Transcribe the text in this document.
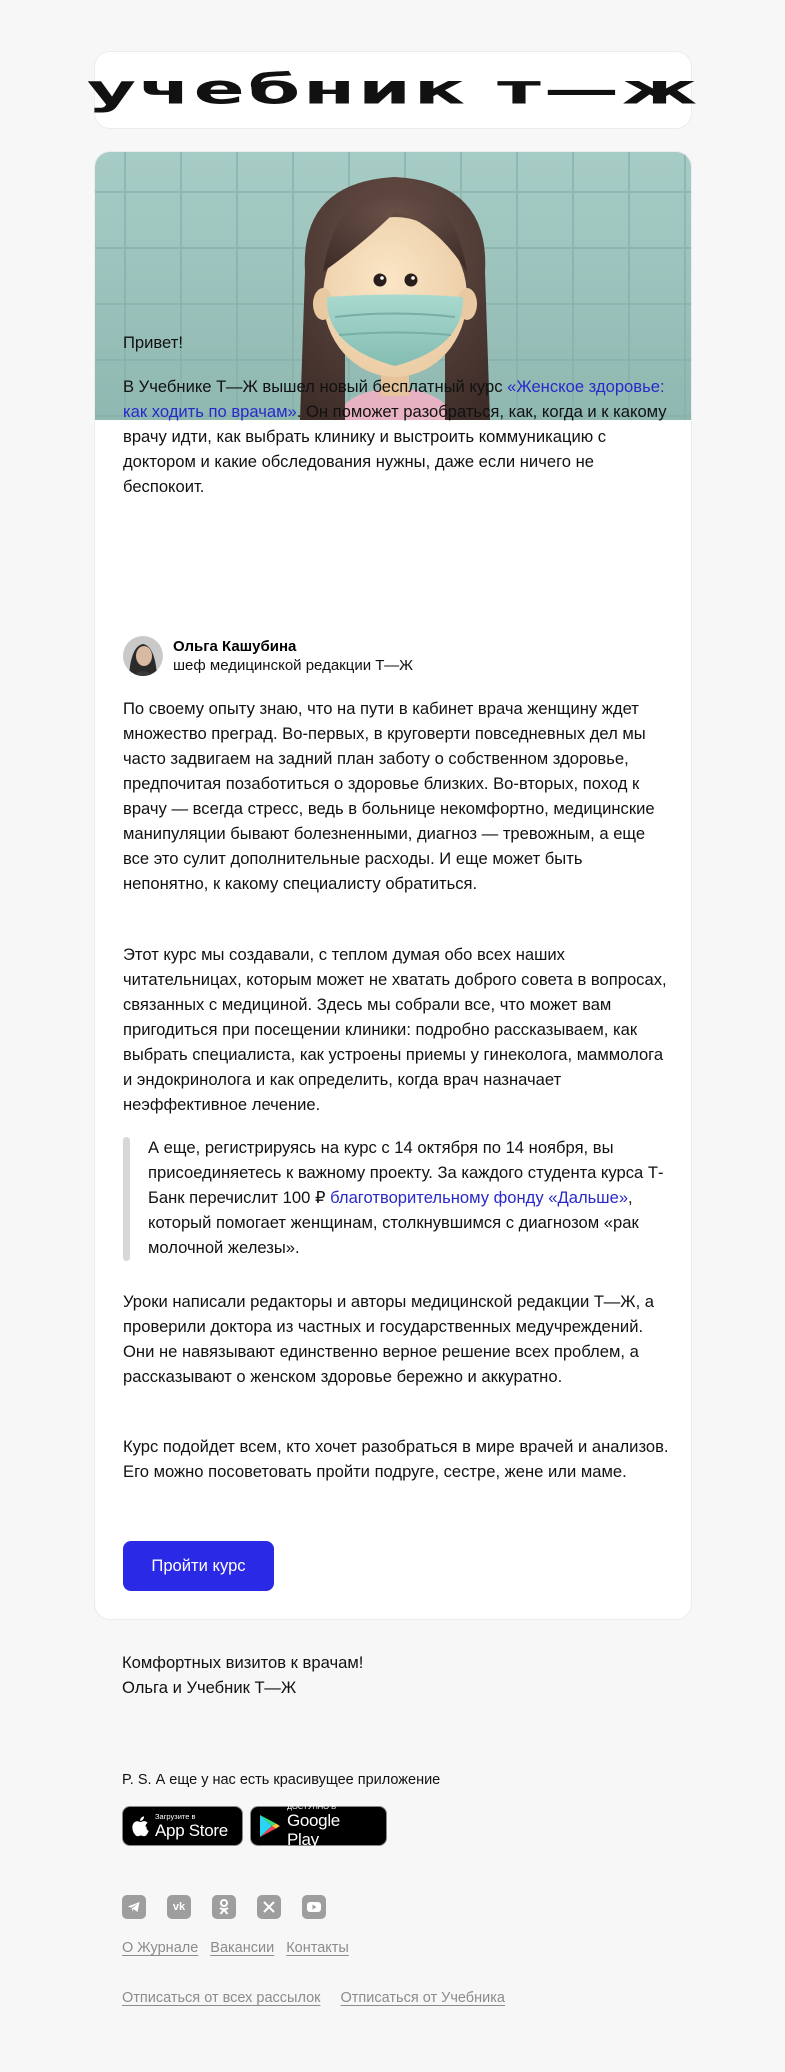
учебник т—ж
Привет!
В Учебнике Т—Ж вышел новый бесплатный курс «Женское здоровье: как ходить по врачам». Он поможет разобраться, как, когда и к какому врачу идти, как выбрать клинику и выстроить коммуникацию с доктором и какие обследования нужны, даже если ничего не беспокоит.
Ольга Кашубина
шеф медицинской редакции Т—Ж
По своему опыту знаю, что на пути в кабинет врача женщину ждет множество преград. Во-первых, в круговерти повседневных дел мы часто задвигаем на задний план заботу о собственном здоровье, предпочитая позаботиться о здоровье близких. Во-вторых, поход к врачу — всегда стресс, ведь в больнице некомфортно, медицинские манипуляции бывают болезненными, диагноз — тревожным, а еще все это сулит дополнительные расходы. И еще может быть непонятно, к какому специалисту обратиться.
Этот курс мы создавали, с теплом думая обо всех наших читательницах, которым может не хватать доброго совета в вопросах, связанных с медициной. Здесь мы собрали все, что может вам пригодиться при посещении клиники: подробно рассказываем, как выбрать специалиста, как устроены приемы у гинеколога, маммолога и эндокринолога и как определить, когда врач назначает неэффективное лечение.
А еще, регистрируясь на курс с 14 октября по 14 ноября, вы присоединяетесь к важному проекту. За каждого студента курса Т-Банк перечислит 100 ₽ благотворительному фонду «Дальше», который помогает женщинам, столкнувшимся с диагнозом «рак молочной железы».
Уроки написали редакторы и авторы медицинской редакции Т—Ж, а проверили доктора из частных и государственных медучреждений. Они не навязывают единственно верное решение всех проблем, а рассказывают о женском здоровье бережно и аккуратно.
Курс подойдет всем, кто хочет разобраться в мире врачей и анализов. Его можно посоветовать пройти подруге, сестре, жене или маме.
Пройти курс
Комфортных визитов к врачам!
Ольга и Учебник Т—Ж
P. S. А еще у нас есть красивущее приложение
Загрузите в
App Store
ДОСТУПНО В
Google Play
vk
О Журнале Вакансии Контакты
Отписаться от всех рассылок Отписаться от Учебника
